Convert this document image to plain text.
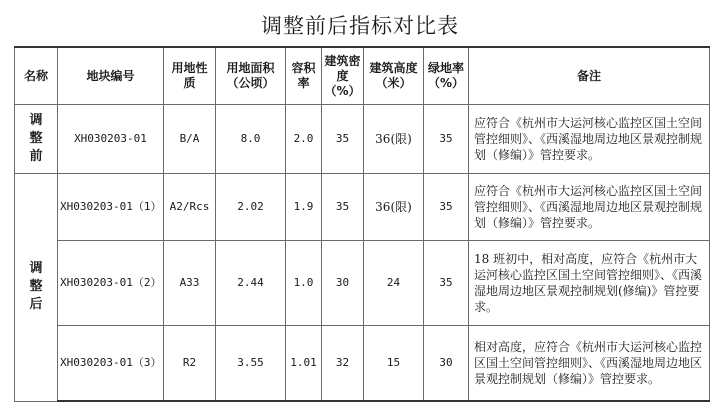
调整前后指标对比表
名称	地块编号	用地性质	用地面积（公顷）	容积率	建筑密度（%）	建筑高度（米）	绿地率（%）	备注
调整前	XH030203-01	B/A	8.0	2.0	35	36(限)	35	应符合《杭州市大运河核心监控区国土空间管控细则》、《西溪湿地周边地区景观控制规划（修编）》管控要求。
调整后	XH030203-01（1）	A2/Rcs	2.02	1.9	35	36(限)	35	应符合《杭州市大运河核心监控区国土空间管控细则》、《西溪湿地周边地区景观控制规划（修编）》管控要求。
	XH030203-01（2）	A33	2.44	1.0	30	24	35	18 班初中，相对高度，应符合《杭州市大运河核心监控区国土空间管控细则》、《西溪湿地周边地区景观控制规划(修编)》管控要求。
	XH030203-01（3）	R2	3.55	1.01	32	15	30	相对高度，应符合《杭州市大运河核心监控区国土空间管控细则》、《西溪湿地周边地区景观控制规划（修编）》管控要求。
